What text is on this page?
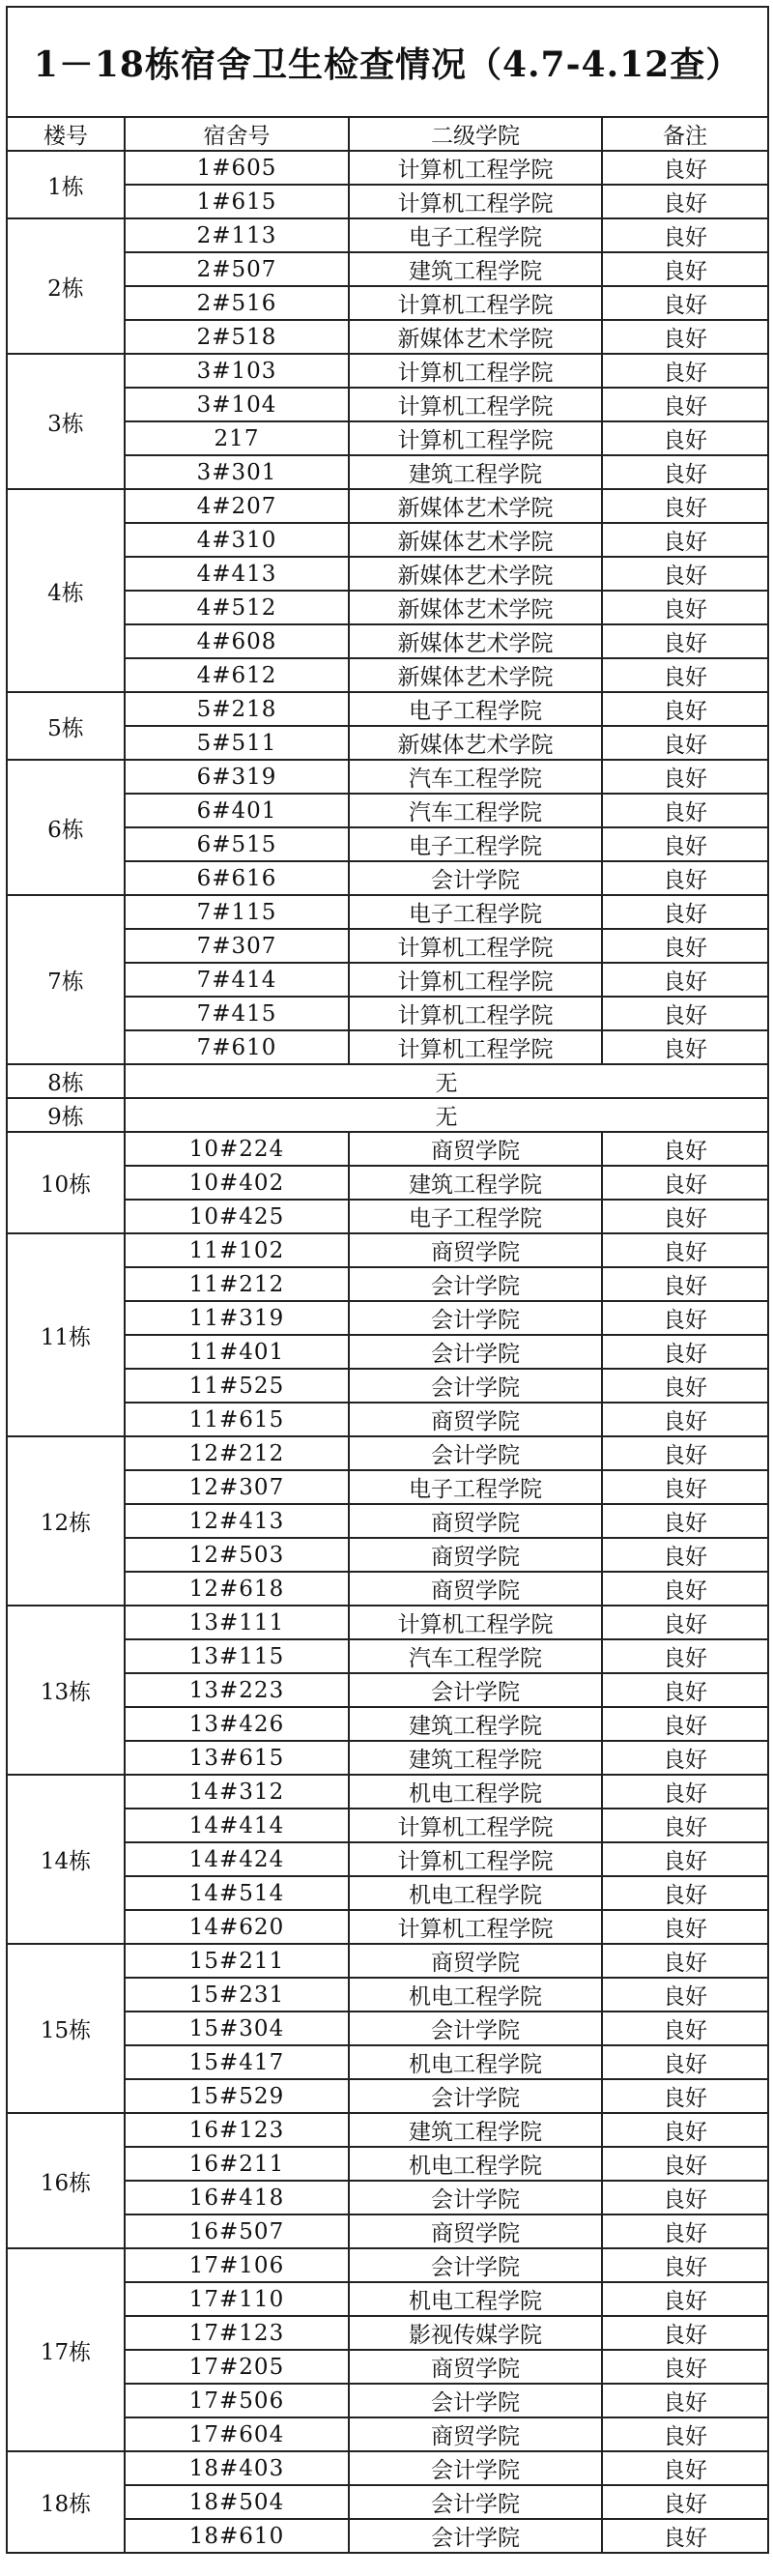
1－18栋宿舍卫生检查情况（4.7-4.12查）			
楼号	宿舍号	二级学院	备注
1栋	1#605	计算机工程学院	良好
	1#615	计算机工程学院	良好
2栋	2#113	电子工程学院	良好
	2#507	建筑工程学院	良好
	2#516	计算机工程学院	良好
	2#518	新媒体艺术学院	良好
3栋	3#103	计算机工程学院	良好
	3#104	计算机工程学院	良好
	217	计算机工程学院	良好
	3#301	建筑工程学院	良好
4栋	4#207	新媒体艺术学院	良好
	4#310	新媒体艺术学院	良好
	4#413	新媒体艺术学院	良好
	4#512	新媒体艺术学院	良好
	4#608	新媒体艺术学院	良好
	4#612	新媒体艺术学院	良好
5栋	5#218	电子工程学院	良好
	5#511	新媒体艺术学院	良好
6栋	6#319	汽车工程学院	良好
	6#401	汽车工程学院	良好
	6#515	电子工程学院	良好
	6#616	会计学院	良好
7栋	7#115	电子工程学院	良好
	7#307	计算机工程学院	良好
	7#414	计算机工程学院	良好
	7#415	计算机工程学院	良好
	7#610	计算机工程学院	良好
8栋	无		
9栋	无		
10栋	10#224	商贸学院	良好
	10#402	建筑工程学院	良好
	10#425	电子工程学院	良好
11栋	11#102	商贸学院	良好
	11#212	会计学院	良好
	11#319	会计学院	良好
	11#401	会计学院	良好
	11#525	会计学院	良好
	11#615	商贸学院	良好
12栋	12#212	会计学院	良好
	12#307	电子工程学院	良好
	12#413	商贸学院	良好
	12#503	商贸学院	良好
	12#618	商贸学院	良好
13栋	13#111	计算机工程学院	良好
	13#115	汽车工程学院	良好
	13#223	会计学院	良好
	13#426	建筑工程学院	良好
	13#615	建筑工程学院	良好
14栋	14#312	机电工程学院	良好
	14#414	计算机工程学院	良好
	14#424	计算机工程学院	良好
	14#514	机电工程学院	良好
	14#620	计算机工程学院	良好
15栋	15#211	商贸学院	良好
	15#231	机电工程学院	良好
	15#304	会计学院	良好
	15#417	机电工程学院	良好
	15#529	会计学院	良好
16栋	16#123	建筑工程学院	良好
	16#211	机电工程学院	良好
	16#418	会计学院	良好
	16#507	商贸学院	良好
17栋	17#106	会计学院	良好
	17#110	机电工程学院	良好
	17#123	影视传媒学院	良好
	17#205	商贸学院	良好
	17#506	会计学院	良好
	17#604	商贸学院	良好
18栋	18#403	会计学院	良好
	18#504	会计学院	良好
	18#610	会计学院	良好
